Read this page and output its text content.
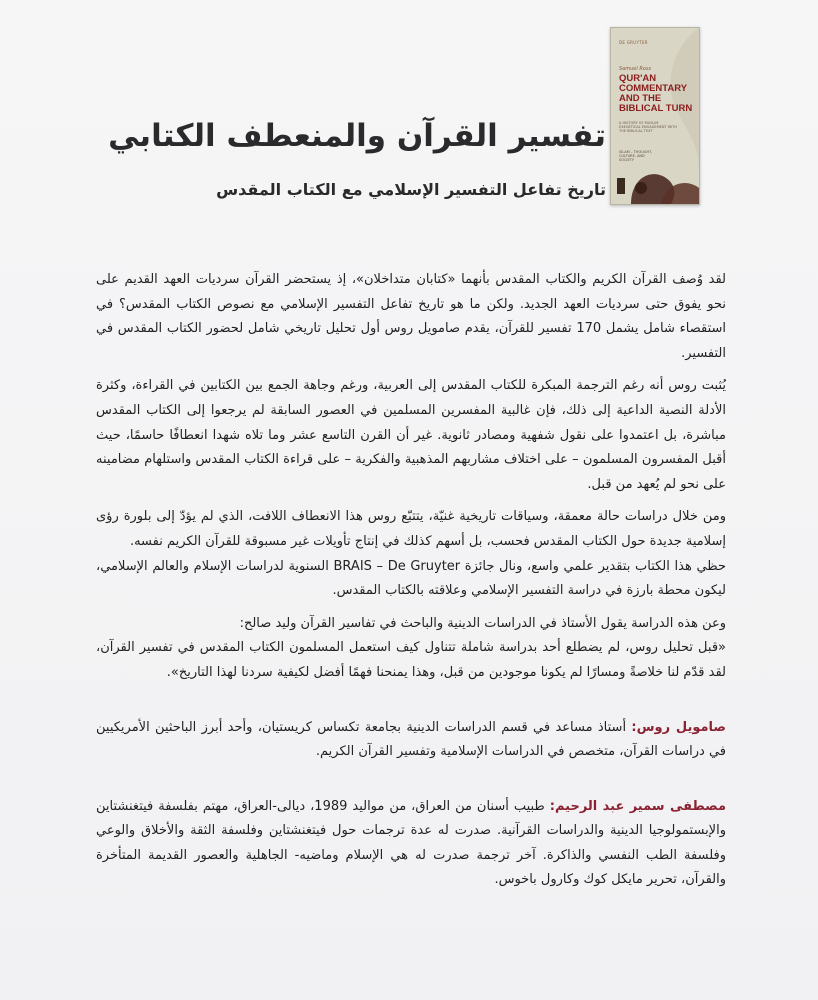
DE GRUYTER
Samuel Ross
QUR'AN COMMENTARY AND THE BIBLICAL TURN
A HISTORY OF MUSLIM EXEGETICAL ENGAGEMENT WITH THE BIBLICAL TEXT
ISLAM – THOUGHT, CULTURE, AND SOCIETY
تفسير القرآن والمنعطف الكتابي
تاريخ تفاعل التفسير الإسلامي مع الكتاب المقدس

لقد وُصف القرآن الكريم والكتاب المقدس بأنهما «كتابان متداخلان»، إذ يستحضر القرآن سرديات العهد القديم على نحو يفوق حتى سرديات العهد الجديد. ولكن ما هو تاريخ تفاعل التفسير الإسلامي مع نصوص الكتاب المقدس؟ في استقصاء شامل يشمل 170 تفسير للقرآن، يقدم صامويل روس أول تحليل تاريخي شامل لحضور الكتاب المقدس في التفسير.

يُثبت روس أنه رغم الترجمة المبكرة للكتاب المقدس إلى العربية، ورغم وجاهة الجمع بين الكتابين في القراءة، وكثرة الأدلة النصية الداعية إلى ذلك، فإن غالبية المفسرين المسلمين في العصور السابقة لم يرجعوا إلى الكتاب المقدس مباشرة، بل اعتمدوا على نقول شفهية ومصادر ثانوية. غير أن القرن التاسع عشر وما تلاه شهدا انعطافًا حاسمًا، حيث أقبل المفسرون المسلمون – على اختلاف مشاربهم المذهبية والفكرية – على قراءة الكتاب المقدس واستلهام مضامينه على نحو لم يُعهد من قبل.

ومن خلال دراسات حالة معمقة، وسياقات تاريخية غنيّة، يتتبّع روس هذا الانعطاف اللافت، الذي لم يؤدّ إلى بلورة رؤى إسلامية جديدة حول الكتاب المقدس فحسب، بل أسهم كذلك في إنتاج تأويلات غير مسبوقة للقرآن الكريم نفسه.

حظي هذا الكتاب بتقدير علمي واسع، ونال جائزة BRAIS – De Gruyter السنوية لدراسات الإسلام والعالم الإسلامي، ليكون محطة بارزة في دراسة التفسير الإسلامي وعلاقته بالكتاب المقدس.

وعن هذه الدراسة يقول الأستاذ في الدراسات الدينية والباحث في تفاسير القرآن وليد صالح:

«قبل تحليل روس، لم يضطلع أحد بدراسة شاملة تتناول كيف استعمل المسلمون الكتاب المقدس في تفسير القرآن، لقد قدّم لنا خلاصةً ومسارًا لم يكونا موجودين من قبل، وهذا يمنحنا فهمًا أفضل لكيفية سردنا لهذا التاريخ».

صامويل روس: أستاذ مساعد في قسم الدراسات الدينية بجامعة تكساس كريستيان، وأحد أبرز الباحثين الأمريكيين في دراسات القرآن، متخصص في الدراسات الإسلامية وتفسير القرآن الكريم.

مصطفى سمير عبد الرحيم: طبيب أسنان من العراق، من مواليد 1989، ديالى-العراق، مهتم بفلسفة فيتغنشتاين والإبستمولوجيا الدينية والدراسات القرآنية. صدرت له عدة ترجمات حول فيتغنشتاين وفلسفة الثقة والأخلاق والوعي وفلسفة الطب النفسي والذاكرة. آخر ترجمة صدرت له هي الإسلام وماضيه- الجاهلية والعصور القديمة المتأخرة والقرآن، تحرير مايكل كوك وكارول باخوس.
